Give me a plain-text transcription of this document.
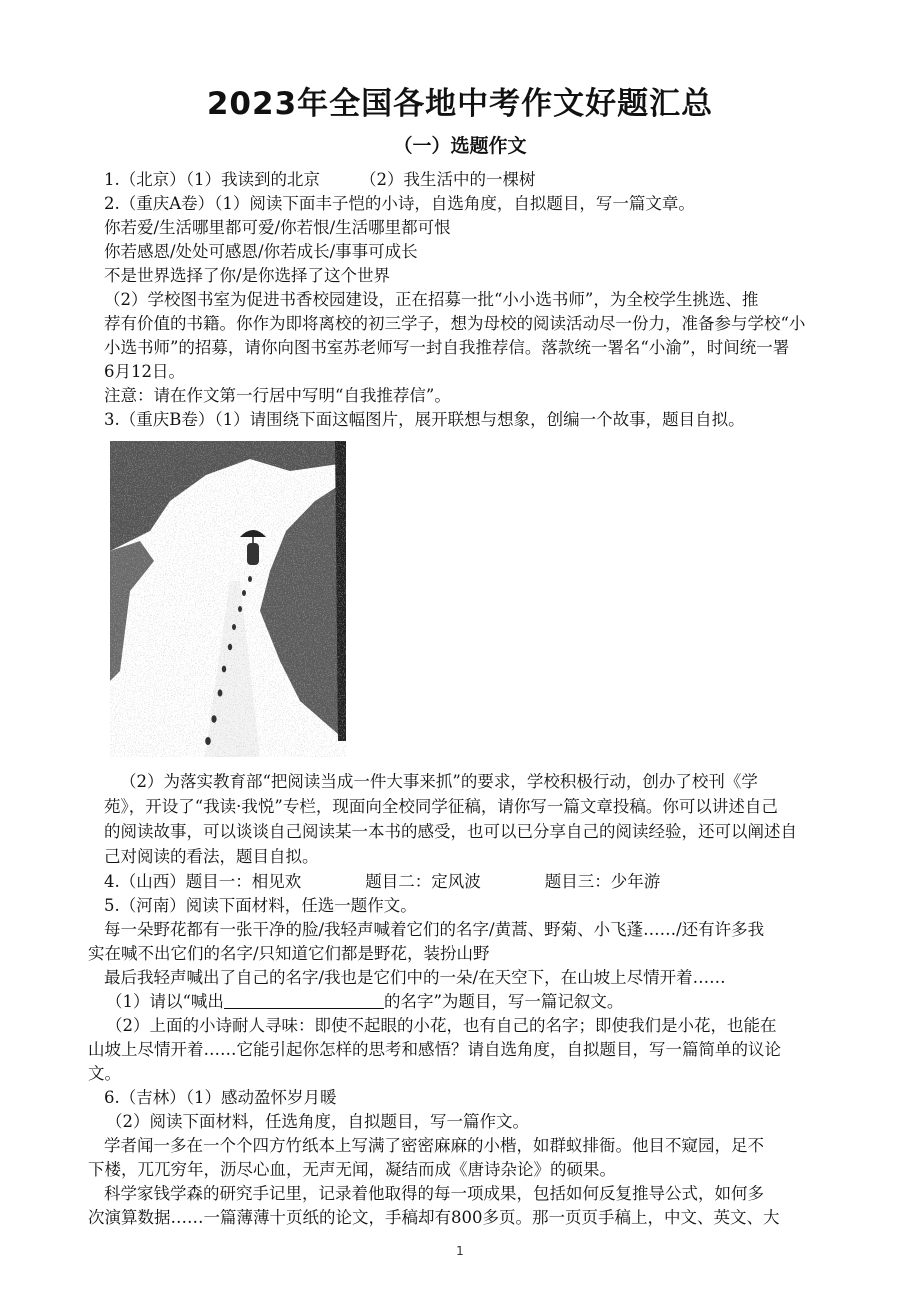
2023年全国各地中考作文好题汇总
（一）选题作文
1.（北京）（1）我读到的北京 （2）我生活中的一棵树
2.（重庆A卷）（1）阅读下面丰子恺的小诗，自选角度，自拟题目，写一篇文章。
你若爱/生活哪里都可爱/你若恨/生活哪里都可恨
你若感恩/处处可感恩/你若成长/事事可成长
不是世界选择了你/是你选择了这个世界
（2）学校图书室为促进书香校园建设，正在招募一批“小小选书师”，为全校学生挑选、推
荐有价值的书籍。你作为即将离校的初三学子，想为母校的阅读活动尽一份力，准备参与学校“小
小选书师”的招募，请你向图书室苏老师写一封自我推荐信。落款统一署名“小渝”，时间统一署
6月12日。
注意：请在作文第一行居中写明“自我推荐信”。
3.（重庆B卷）（1）请围绕下面这幅图片，展开联想与想象，创编一个故事，题目自拟。
（2）为落实教育部“把阅读当成一件大事来抓”的要求，学校积极行动，创办了校刊《学
苑》，开设了“我读·我悦”专栏，现面向全校同学征稿，请你写一篇文章投稿。你可以讲述自己
的阅读故事，可以谈谈自己阅读某一本书的感受，也可以已分享自己的阅读经验，还可以阐述自
己对阅读的看法，题目自拟。
4.（山西）题目一：相见欢	题目二：定风波	题目三：少年游
5.（河南）阅读下面材料，任选一题作文。
每一朵野花都有一张干净的脸/我轻声喊着它们的名字/黄蒿、野菊、小飞蓬……/还有许多我
实在喊不出它们的名字/只知道它们都是野花，装扮山野
最后我轻声喊出了自己的名字/我也是它们中的一朵/在天空下，在山坡上尽情开着……
（1）请以“喊出	的名字”为题目，写一篇记叙文。
（2）上面的小诗耐人寻味：即使不起眼的小花，也有自己的名字；即使我们是小花，也能在
山坡上尽情开着……它能引起你怎样的思考和感悟？请自选角度，自拟题目，写一篇简单的议论
文。
6.（吉林）（1）感动盈怀岁月暖
（2）阅读下面材料，任选角度，自拟题目，写一篇作文。
学者闻一多在一个个四方竹纸本上写满了密密麻麻的小楷，如群蚁排衙。他目不窥园，足不
下楼，兀兀穷年，沥尽心血，无声无闻，凝结而成《唐诗杂论》的硕果。
科学家钱学森的研究手记里，记录着他取得的每一项成果，包括如何反复推导公式，如何多
次演算数据……一篇薄薄十页纸的论文，手稿却有800多页。那一页页手稿上，中文、英文、大
1
